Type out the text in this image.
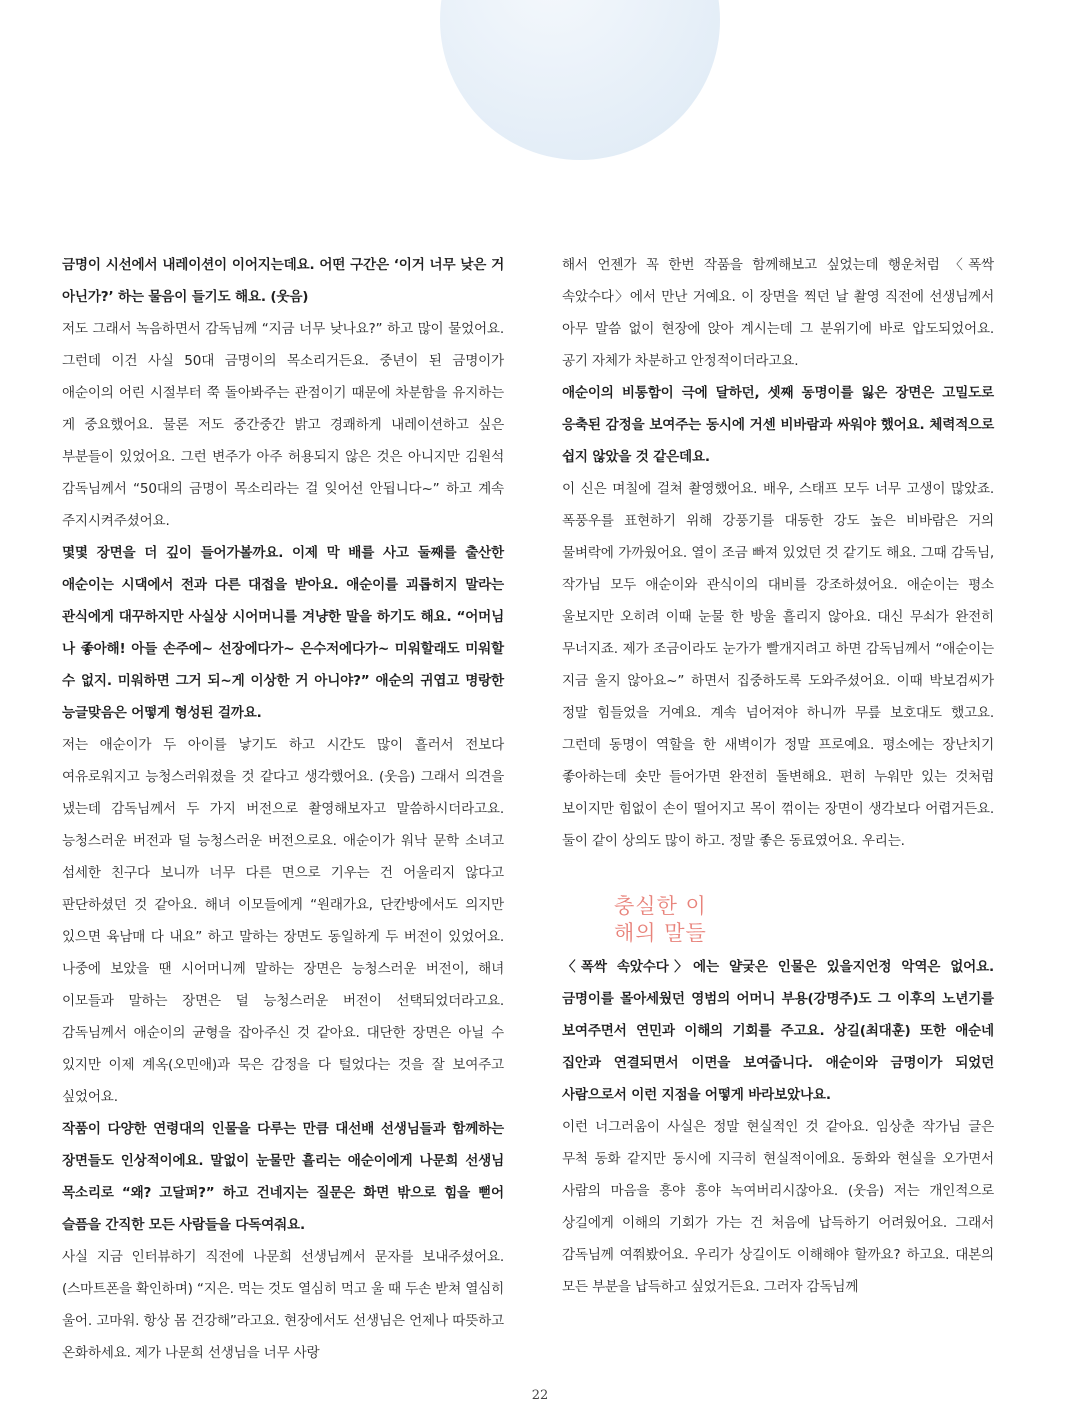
금명이 시선에서 내레이션이 이어지는데요. 어떤 구간은 ‘이거 너무 낮은 거 아닌가?’ 하는 물음이 들기도 해요. (웃음)

저도 그래서 녹음하면서 감독님께 “지금 너무 낮나요?” 하고 많이 물었어요. 그런데 이건 사실 50대 금명이의 목소리거든요. 중년이 된 금명이가 애순이의 어린 시절부터 쭉 돌아봐주는 관점이기 때문에 차분함을 유지하는 게 중요했어요. 물론 저도 중간중간 밝고 경쾌하게 내레이션하고 싶은 부분들이 있었어요. 그런 변주가 아주 허용되지 않은 것은 아니지만 김원석 감독님께서 “50대의 금명이 목소리라는 걸 잊어선 안됩니다~” 하고 계속 주지시켜주셨어요.

몇몇 장면을 더 깊이 들어가볼까요. 이제 막 배를 사고 둘째를 출산한 애순이는 시댁에서 전과 다른 대접을 받아요. 애순이를 괴롭히지 말라는 관식에게 대꾸하지만 사실상 시어머니를 겨냥한 말을 하기도 해요. “어머님 나 좋아해! 아들 손주에~ 선장에다가~ 은수저에다가~ 미워할래도 미워할 수 없지. 미워하면 그거 되~게 이상한 거 아니야?” 애순의 귀엽고 명랑한 능글맞음은 어떻게 형성된 걸까요.

저는 애순이가 두 아이를 낳기도 하고 시간도 많이 흘러서 전보다 여유로워지고 능청스러워졌을 것 같다고 생각했어요. (웃음) 그래서 의견을 냈는데 감독님께서 두 가지 버전으로 촬영해보자고 말씀하시더라고요. 능청스러운 버전과 덜 능청스러운 버전으로요. 애순이가 워낙 문학 소녀고 섬세한 친구다 보니까 너무 다른 면으로 기우는 건 어울리지 않다고 판단하셨던 것 같아요. 해녀 이모들에게 “원래가요, 단칸방에서도 의지만 있으면 육남매 다 내요” 하고 말하는 장면도 동일하게 두 버전이 있었어요. 나중에 보았을 땐 시어머니께 말하는 장면은 능청스러운 버전이, 해녀 이모들과 말하는 장면은 덜 능청스러운 버전이 선택되었더라고요. 감독님께서 애순이의 균형을 잡아주신 것 같아요. 대단한 장면은 아닐 수 있지만 이제 계옥(오민애)과 묵은 감정을 다 털었다는 것을 잘 보여주고 싶었어요.

작품이 다양한 연령대의 인물을 다루는 만큼 대선배 선생님들과 함께하는 장면들도 인상적이에요. 말없이 눈물만 흘리는 애순이에게 나문희 선생님 목소리로 “왜? 고달퍼?” 하고 건네지는 질문은 화면 밖으로 힘을 뻗어 슬픔을 간직한 모든 사람들을 다독여줘요.

사실 지금 인터뷰하기 직전에 나문희 선생님께서 문자를 보내주셨어요. (스마트폰을 확인하며) “지은. 먹는 것도 열심히 먹고 울 때 두손 받쳐 열심히 울어. 고마워. 항상 몸 건강해”라고요. 현장에서도 선생님은 언제나 따뜻하고 온화하세요. 제가 나문희 선생님을 너무 사랑

해서 언젠가 꼭 한번 작품을 함께해보고 싶었는데 행운처럼 〈폭싹 속았수다〉에서 만난 거예요. 이 장면을 찍던 날 촬영 직전에 선생님께서 아무 말씀 없이 현장에 앉아 계시는데 그 분위기에 바로 압도되었어요. 공기 자체가 차분하고 안정적이더라고요.

애순이의 비통함이 극에 달하던, 셋째 동명이를 잃은 장면은 고밀도로 응축된 감정을 보여주는 동시에 거센 비바람과 싸워야 했어요. 체력적으로 쉽지 않았을 것 같은데요.

이 신은 며칠에 걸쳐 촬영했어요. 배우, 스태프 모두 너무 고생이 많았죠. 폭풍우를 표현하기 위해 강풍기를 대동한 강도 높은 비바람은 거의 물벼락에 가까웠어요. 열이 조금 빠져 있었던 것 같기도 해요. 그때 감독님, 작가님 모두 애순이와 관식이의 대비를 강조하셨어요. 애순이는 평소 울보지만 오히려 이때 눈물 한 방울 흘리지 않아요. 대신 무쇠가 완전히 무너지죠. 제가 조금이라도 눈가가 빨개지려고 하면 감독님께서 “애순이는 지금 울지 않아요~” 하면서 집중하도록 도와주셨어요. 이때 박보검씨가 정말 힘들었을 거예요. 계속 넘어져야 하니까 무릎 보호대도 했고요. 그런데 동명이 역할을 한 새벽이가 정말 프로예요. 평소에는 장난치기 좋아하는데 숏만 들어가면 완전히 돌변해요. 편히 누워만 있는 것처럼 보이지만 힘없이 손이 떨어지고 목이 꺾이는 장면이 생각보다 어렵거든요. 둘이 같이 상의도 많이 하고. 정말 좋은 동료였어요. 우리는.

충실한 이해의 말들

〈폭싹 속았수다〉에는 얄궂은 인물은 있을지언정 악역은 없어요. 금명이를 몰아세웠던 영범의 어머니 부용(강명주)도 그 이후의 노년기를 보여주면서 연민과 이해의 기회를 주고요. 상길(최대훈) 또한 애순네 집안과 연결되면서 이면을 보여줍니다. 애순이와 금명이가 되었던 사람으로서 이런 지점을 어떻게 바라보았나요.

이런 너그러움이 사실은 정말 현실적인 것 같아요. 임상춘 작가님 글은 무척 동화 같지만 동시에 지극히 현실적이에요. 동화와 현실을 오가면서 사람의 마음을 흥야 흥야 녹여버리시잖아요. (웃음) 저는 개인적으로 상길에게 이해의 기회가 가는 건 처음에 납득하기 어려웠어요. 그래서 감독님께 여쭤봤어요. 우리가 상길이도 이해해야 할까요? 하고요. 대본의 모든 부분을 납득하고 싶었거든요. 그러자 감독님께

22
